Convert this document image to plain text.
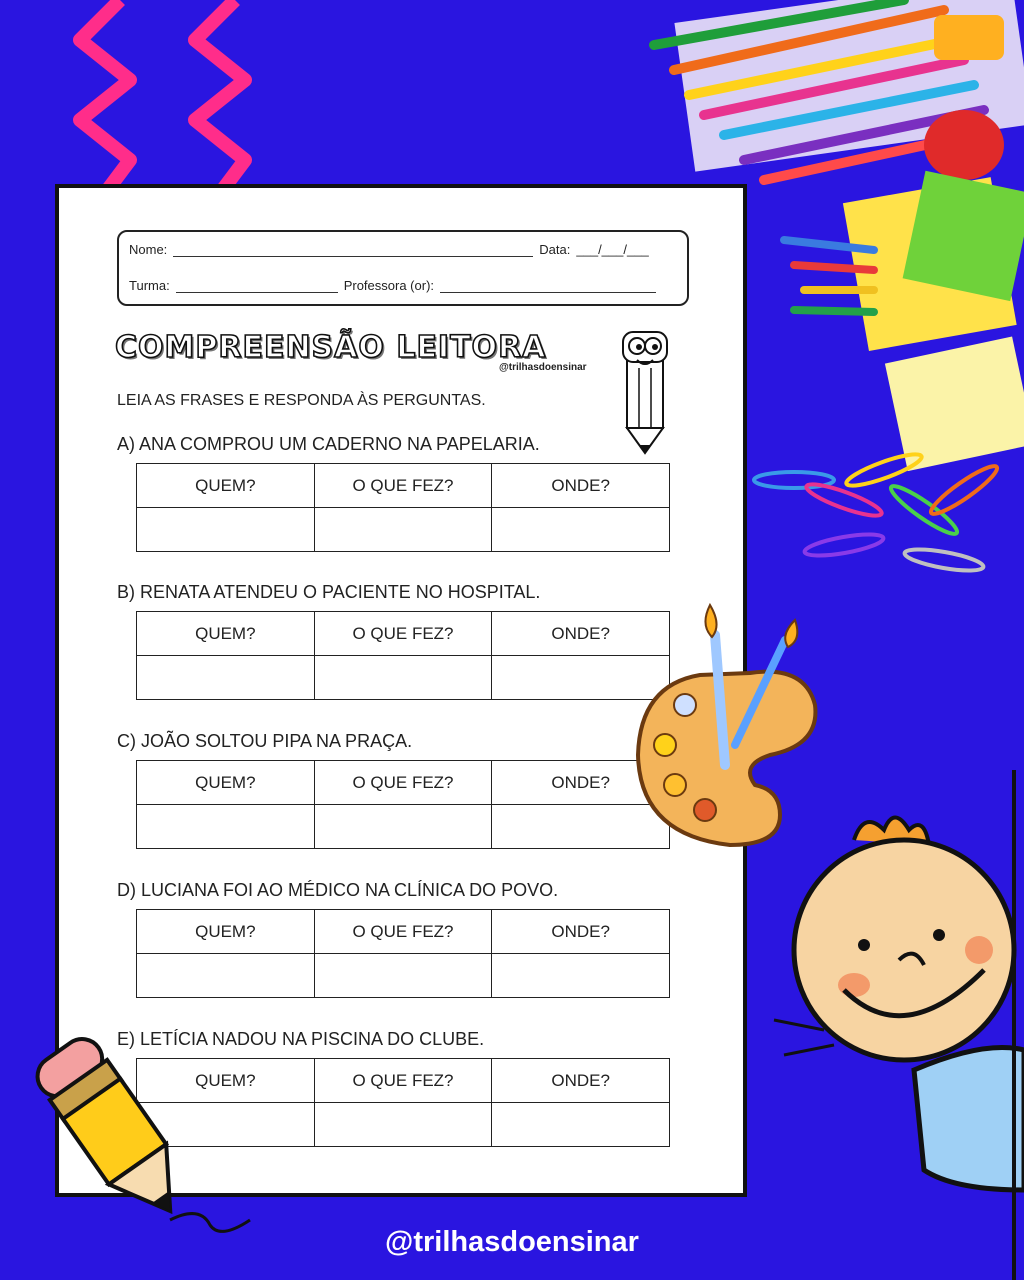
Nome:	Data: ___/___/___
Turma:	Professora (or):
COMPREENSÃO LEITORA
@trilhasdoensinar
LEIA AS FRASES E RESPONDA ÀS PERGUNTAS.
A) ANA COMPROU UM CADERNO NA PAPELARIA.
QUEM?	O QUE FEZ?	ONDE?

B) RENATA ATENDEU O PACIENTE NO HOSPITAL.
QUEM?	O QUE FEZ?	ONDE?

C) JOÃO SOLTOU PIPA NA PRAÇA.
QUEM?	O QUE FEZ?	ONDE?

D) LUCIANA FOI AO MÉDICO NA CLÍNICA DO POVO.
QUEM?	O QUE FEZ?	ONDE?

E) LETÍCIA NADOU NA PISCINA DO CLUBE.
QUEM?	O QUE FEZ?	ONDE?

@trilhasdoensinar
